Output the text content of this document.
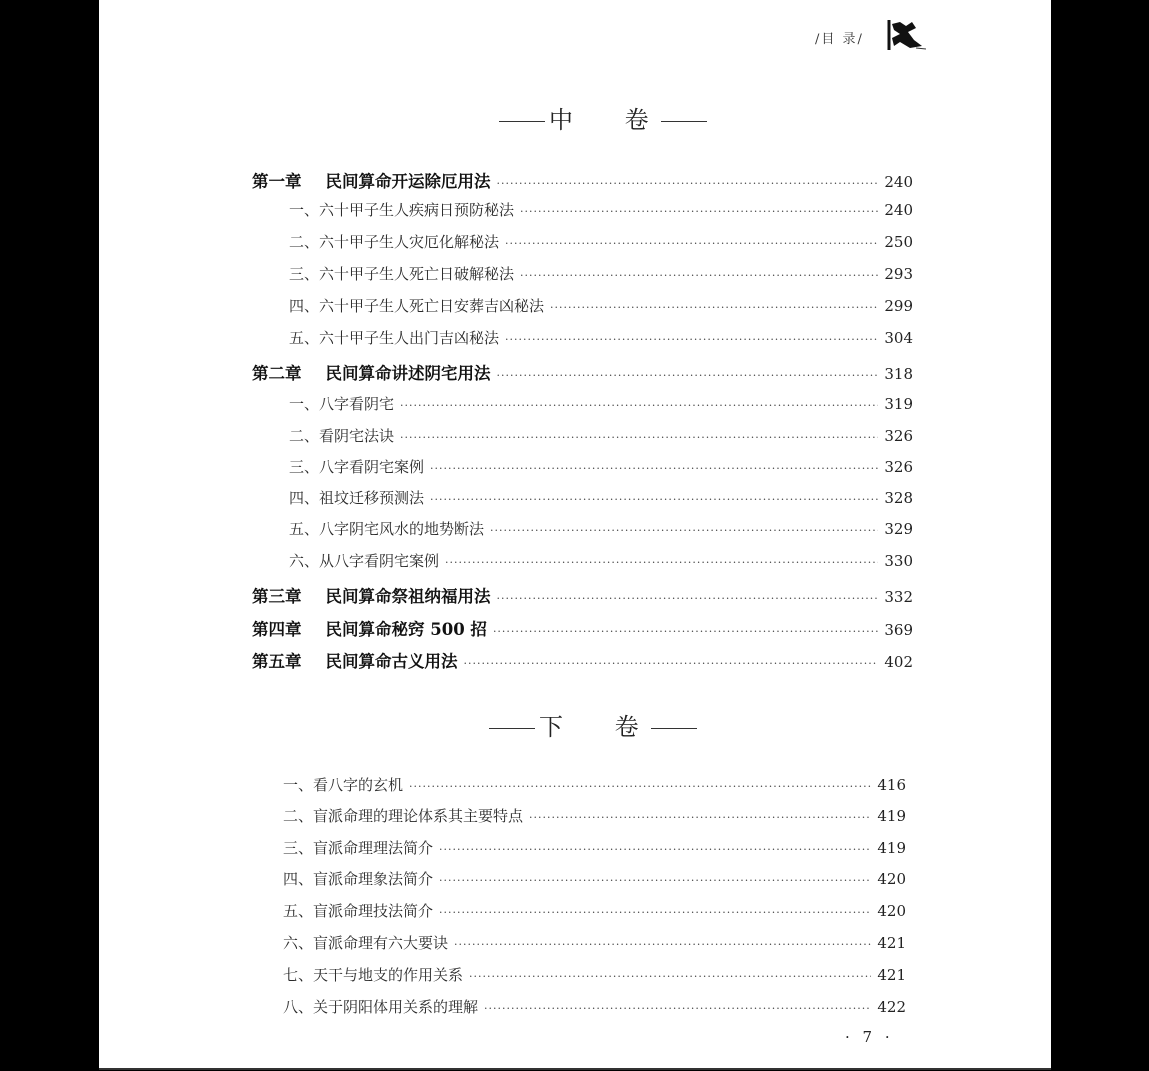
/目 录/
中 卷
第一章 民间算命开运除厄用法 ·····	240
一、六十甲子生人疾病日预防秘法 ·····	240
二、六十甲子生人灾厄化解秘法 ·····	250
三、六十甲子生人死亡日破解秘法 ·····	293
四、六十甲子生人死亡日安葬吉凶秘法 ·····	299
五、六十甲子生人出门吉凶秘法 ·····	304
第二章 民间算命讲述阴宅用法 ·····	318
一、八字看阴宅 ·····	319
二、看阴宅法诀 ·····	326
三、八字看阴宅案例 ·····	326
四、祖坟迁移预测法 ·····	328
五、八字阴宅风水的地势断法 ·····	329
六、从八字看阴宅案例 ·····	330
第三章 民间算命祭祖纳福用法 ·····	332
第四章 民间算命秘窍 500 招 ·····	369
第五章 民间算命古义用法 ·····	402
下 卷
一、看八字的玄机 ·····	416
二、盲派命理的理论体系其主要特点 ·····	419
三、盲派命理理法简介 ·····	419
四、盲派命理象法简介 ·····	420
五、盲派命理技法简介 ·····	420
六、盲派命理有六大要诀 ·····	421
七、天干与地支的作用关系 ·····	421
八、关于阴阳体用关系的理解 ·····	422
· 7 ·
